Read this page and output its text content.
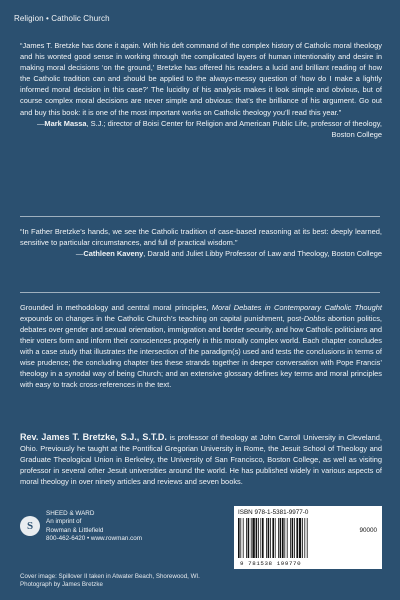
Religion • Catholic Church
“James T. Bretzke has done it again. With his deft command of the complex history of Catholic moral theology and his wonted good sense in working through the complicated layers of human intentionality and desire in making moral decisions ‘on the ground,’ Bretzke has offered his readers a lucid and brilliant reading of how the Catholic tradition can and should be applied to the always-messy question of ‘how do I make a lightly informed moral decision in this case?’ The lucidity of his analysis makes it look simple and obvious, but of course complex moral decisions are never simple and obvious: that’s the brilliance of his argument. Go out and buy this book: it is one of the most important works on Catholic theology you’ll read this year.”
—Mark Massa, S.J.; director of Boisi Center for Religion and American Public Life, professor of theology, Boston College
“In Father Bretzke’s hands, we see the Catholic tradition of case-based reasoning at its best: deeply learned, sensitive to particular circumstances, and full of practical wisdom.”
—Cathleen Kaveny, Darald and Juliet Libby Professor of Law and Theology, Boston College
Grounded in methodology and central moral principles, Moral Debates in Contemporary Catholic Thought expounds on changes in the Catholic Church’s teaching on capital punishment, post-Dobbs abortion politics, debates over gender and sexual orientation, immigration and border security, and how Catholic politicians and their voters form and inform their consciences properly in this morally complex world. Each chapter concludes with a case study that illustrates the intersection of the paradigm(s) used and tests the conclusions in terms of wise prudence; the concluding chapter ties these strands together in deeper conversation with Pope Francis’ theology in a synodal way of being Church; and an extensive glossary defines key terms and moral principles with easy to track cross-references in the text.
Rev. James T. Bretzke, S.J., S.T.D. is professor of theology at John Carroll University in Cleveland, Ohio. Previously he taught at the Pontifical Gregorian University in Rome, the Jesuit School of Theology and Graduate Theological Union in Berkeley, the University of San Francisco, Boston College, as well as visiting professor in several other Jesuit universities around the world. He has published widely in various aspects of moral theology in over ninety articles and reviews and seven books.
S
SHEED & WARD
An imprint of
Rowman & Littlefield
800-462-6420 • www.rowman.com
ISBN 978-1-5381-9977-0
90000
9 781538 199770
Cover image: Spillover II taken in Atwater Beach, Shorewood, WI.
Photograph by James Bretzke
